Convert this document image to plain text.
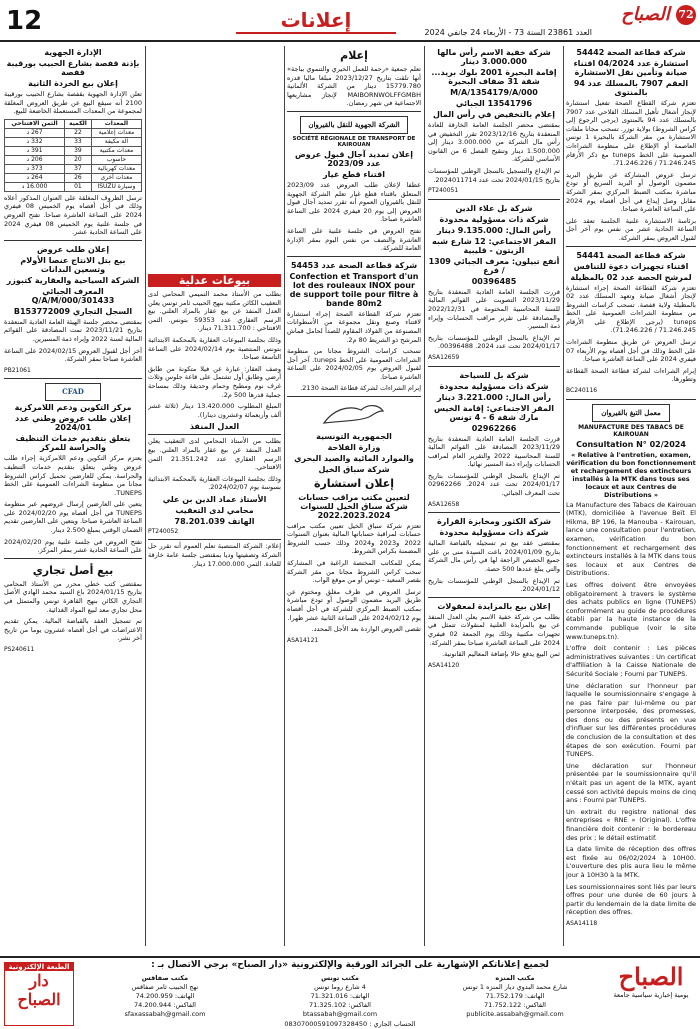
12	إعلانات
العدد 23861 السنة 73 - الأربعاء 24 جانفي 2024
الصباح 72
شركة قطاعة الصحة 54442
استشارة عدد 04/2024 اقتناء صيانة وتأمين نقل الاستشارة
العقم 7907 بالمسلك عدد 94 بالمنتوى

تعتزم شركة القطاع الصحة تفعيل استشارة لإنجاز أشغال تأهيل المسلك الفلاحي عدد 7907 بالمسلك عدد 94 بالمنتوى (يرجى الرجوع إلى كراس الشروط) بولاية توزر. تسحب مجانا ملفات الاستشارة من مقر الشركة بالبحيرة 1 تونس العاصمة أو الإطلاع على منظومة الشراءات العمومية على الخط tuneps مع ذكر الأرقام 71.246.245 / 71.246.226.

ترسل عروض المشاركة عن طريق البريد مضمون الوصول أو البريد السريع أو تودع مباشرة بمكتب الضبط المركزي بمقر الشركة مقابل وصل إيداع في أجل أقصاه يوم 2024 على الساعة العاشرة صباحا.

برئاسة الاستشارة علنية الجلسة تعقد على الساعة الحادية عشر من نفس يوم آخر أجل لقبول العروض بمقر الشركة.

شركة قطاعة الصحة 54441
اقتناء تجهيزات دعوة للتنافس
لمرشح الحصة عدد 02 بالمظيلة

تعتزم شركة القطاعة الصحة إجراء استشارة لإنجاز أشغال صيانة وتعهد المسلك عدد 02 بالمظيلة ولاية قفصة. تسحب كراسات الشروط من منظومة الشراءات العمومية على الخط tuneps (يرجى الإطلاع على الأرقام 71.246.245 / 71.246.226).

ترسل العروض عن طريق منظومة الشراءات على الخط وذلك في أجل أقصاه يوم الأربعاء 07 فيفري 2024 على الساعة العاشرة صباحا.

إبرام الشراءات لشركة قطاعة الصحة القطاعة وتطورها.

BC240116
معمل التبغ بالقيروان
MANUFACTURE DES TABACS DE KAIROUAN
Consultation N° 02/2024
« Relative à l'entretien, examen, vérification du bon fonctionnement et rechargement des extincteurs installés à la MTK dans tous ses locaux et aux Centres de Distributions »

La Manufacture des Tabacs de Kairouan (MTK), domiciliée à l'avenue Beït El Hikma, BP 196, la Manouba - Kairouan, lance une consultation pour l'entretien, examen, vérification du bon fonctionnement et rechargement des extincteurs installés à la MTK dans tous ses locaux et aux Centres de Distributions.

Les offres doivent être envoyées obligatoirement à travers le système des achats publics en ligne (TUNEPS) conformément au guide de procédures établi par la haute instance de la commande publique (voir le site www.tuneps.tn).

L'offre doit contenir : Les pièces administratives suivantes : Un certificat d'affiliation à la Caisse Nationale de Sécurité Sociale ; Fourni par TUNEPS.

Une déclaration sur l'honneur par laquelle le soumissionnaire s'engage à ne pas faire par lui-même ou par personne interposée, des promesses, des dons ou des présents en vue d'influer sur les différentes procédures de conclusion de la consultation et des étapes de son exécution. Fourni par TUNEPS.

Une déclaration sur l'honneur présentée par le soumissionnaire qu'il n'était pas un agent de la MTK, ayant cessé son activité depuis moins de cinq ans : Fourni par TUNEPS.

Un extrait du registre national des entreprises « RNE » (Original). L'offre financière doit contenir : le bordereau des prix ; le détail estimatif.

La date limite de réception des offres est fixée au 06/02/2024 à 10H00. L'ouverture des plis aura lieu le même jour à 10H30 à la MTK.

Les soumissionnaires sont liés par leurs offres pour une durée de 60 jours à partir du lendemain de la date limite de réception des offres.

ASA14118
شركة خفية الاسم رأس مالها 3.000.000 دينار
إقامة البحيرة 2001 بلوك بريد... شقة 31 ضفاف البحيرة
M/A/1354179/A/000
13541796 الجبائي
إعلام بالتخفيض في رأس المال

بمقتضى محضر الجلسة العامة الخارقة للعادة المنعقدة بتاريخ 2023/12/16 تقرر التخفيض في رأس مال الشركة من 3.000.000 دينار إلى 1.500.000 دينار وتنقيح الفصل 6 من القانون الأساسي للشركة.

تم الإيداع والتسجيل بالسجل الوطني للمؤسسات بتاريخ 2024/01/15 تحت عدد 2024011714.

PT240051
شركة بل علاء الدين
شركة ذات مسؤولية محدودة
رأس المال: 9.135.000 دينار
المقر الاجتماعي: 12 شارع شبه الزيتون - قليبية
أنفع تبيلون: معرف الجبائي 1309 / فرع
00396485

قررت الجلسة العامة العادية المنعقدة بتاريخ 2023/11/29 التصويت على القوائم المالية للسنة المحاسبية المختومة في 2022/12/31 والمصادقة على تقرير مراقب الحسابات وإبراء ذمة المسير.

تم الإيداع بالسجل الوطني للمؤسسات بتاريخ 2024/01/17 تحت عدد 2024. 00396488.

ASA12659
شركة بل للسياحة
شركة ذات مسؤولية محدودة
رأس المال: 3.221.000 دينار
المقر الاجتماعي: إقامة الخيس مارك شقة 6 - 4 تونس
02962266

قررت الجلسة العامة العادية المنعقدة بتاريخ 2023/11/29 المصادقة على القوائم المالية للسنة المحاسبية 2022 والتقرير العام لمراقب الحسابات وإبراء ذمة المسير نهائيا.

تم الإيداع بالسجل الوطني للمؤسسات بتاريخ 2024/01/17 تحت عدد 2024. 02962266 تحت المعرف الجبائي.

ASA12658
شركة الكثور ومخابزة القرارة
شركة ذات مسؤولية محدودة

بمقتضى عقد بيع تم تسجيله بالقباضة المالية بتاريخ 2024/01/09 باعت السيدة منى بن علي جميع الحصص الراجعة لها في رأس مال الشركة والتي يبلغ عددها 500 حصة.

تم الإيداع بالسجل الوطني للمؤسسات بتاريخ 2024/01/12.

إعلان بيع بالمزايدة لمعقولات

بطلب من شركة خفية الاسم يعلن العدل المنفذ عن بيع بالمزايدة العلنية لمنقولات تتمثل في تجهيزات مكتبية وذلك يوم الجمعة 02 فيفري 2024 على الساعة العاشرة صباحا بمقر الشركة.

ثمن البيع يدفع حالا بإضافة المعاليم القانونية.

ASA14120
إعلام

تعلم جمعية «رحمة للعمل الخيري والتنموي بباجة» أنها تلقت بتاريخ 2023/12/27 مبلغا ماليا قدره 15779.780 دينار من الشركة الألمانية MAIBORNWOLFFGMBH لإنجاز مشاريعها الاجتماعية في شهر رمضان.

الشركة الجهوية للنقل بالقيروان
SOCIÉTÉ RÉGIONALE DE TRANSPORT DE KAIROUAN
إعلان تمديد آجال قبول عروض عدد 2023/09
اقتناء قطع غيار

عطفا لإعلان طلب العروض عدد 2023/09 المتعلق باقتناء قطع غيار تعلم الشركة الجهوية للنقل بالقيروان العموم أنه تقرر تمديد آجال قبول العروض إلى يوم 20 فيفري 2024 على الساعة العاشرة صباحا.

تفتح العروض في جلسة علنية على الساعة العاشرة والنصف من نفس اليوم بمقر الإدارة العامة للشركة.

شركة قطاعة الصحة عدد 54453
Confection et Transport d'un lot des rouleaux INOX pour de support toile pour filtre à bande 80m2

تعتزم شركة القطاعة الصحة إجراء استشارة لاقتناء وصنع ونقل مجموعة من الأسطوانات المصنوعة من الفولاذ المقاوم للصدأ لحامل قماش المرشح ذو الشريط 80 م2.

تسحب كراسات الشروط مجانا من منظومة الشراءات العمومية على الخط tuneps. آخر أجل لقبول العروض يوم 2024/02/05 على الساعة العاشرة صباحا.

إبرام الشراءات لشركة قطاعة الصحة 2130.

الجمهورية التونسية
وزارة الفلاحة
والموارد المائية والصيد البحري
شركة سباق الخيل
إعلان استشارة
لتعيين مكتب مراقب حسابات شركة سباق الخيل للسنوات 2022.2023.2024

تعتزم شركة سباق الخيل تعيين مكتب مراقب حسابات لمراقبة حساباتها المالية بعنوان السنوات 2022 و2023 و2024 وذلك حسب الشروط المضمنة بكراس الشروط.

يمكن للمكاتب المختصة الراغبة في المشاركة سحب كراس الشروط مجانا من مقر الشركة بقصر السعيد - تونس أو من موقع الواب.

ترسل العروض في ظرف مغلق ومختوم عن طريق البريد مضمون الوصول أو تودع مباشرة بمكتب الضبط المركزي للشركة في أجل أقصاه يوم 2024/02/12 على الساعة الثانية عشر ظهرا.

تقصى العروض الواردة بعد الأجل المحدد.

ASA14121
بيوعات عدلية

بطلب من الأستاذ محمد التميمي المحامي لدى التعقيب الكائن مكتبه بنهج الحبيب ثامر تونس يعلن العدل المنفذ عن بيع عقار بالمزاد العلني. بيع الرسم العقاري عدد 59353 بتونس. الثمن الافتتاحي : 71.311.700 دينار.

وذلك بجلسة البيوعات العقارية بالمحكمة الابتدائية بتونس المنتصبة يوم 2024/02/14 على الساعة التاسعة صباحا.

وصف العقار: عبارة عن فيلا متكونة من طابق أرضي وطابق أول تشتمل على قاعة جلوس وثلاث غرف نوم ومطبخ وحمام وحديقة وذلك بمساحة جملية قدرها 500 م2.

المبلغ المطلوب 13.420.000 دينار (ثلاثة عشر ألف وأربعمائة وعشرون دينارا).

العدل المنفذ

بطلب من الأستاذ المحامي لدى التعقيب يعلن العدل المنفذ عن بيع عقار بالمزاد العلني. بيع الرسم العقاري عدد 21.351.242 الثمن الافتتاحي.

وذلك بجلسة البيوعات العقارية بالمحكمة الابتدائية بسوسة يوم 2024/02/07.

الأستاذ عماد الدين بن علي
محامي لدى التعقيب
الهاتف 78.201.039
PT240052

إعلام: الشركة المنتصبة تعلم العموم أنه تقرر حل الشركة وتصفيتها وديا بمقتضى جلسة عامة خارقة للعادة. الثمن 17.000.000 دينار.

الإدارة الجهوية
بإذنة قفصة بشارع الحبيب بورقيبة قفصة
إعلان بيع الخردة الثانية

تعلن الإدارة الجهوية بقفصة بشارع الحبيب بورقيبة 2100 أنه سيقع البيع عن طريق العروض المغلقة لمجموعة من المعدات المستعملة الخاضعة للبيع.

المعدات	الكمية	الثمن الافتتاحي
معدات إعلامية	22	267 د
آلة مكيفة	33	332 د
معدات مكتبية	39	391 د
حاسوب	20	206 د
معدات كهربائية	37	373 د
معدات أخرى	26	264 د
وسيارة ISUZU	01	16.000 د

ترسل الظروف المغلقة على العنوان المذكور أعلاه وذلك في أجل أقصاه يوم الخميس 08 فيفري 2024 على الساعة العاشرة صباحا. تفتح العروض في جلسة علنية يوم الخميس 08 فيفري 2024 على الساعة الحادية عشر.

إعلان طلب عروض
بيع بتل الانتاج عنصا الأولام وتسعين البدانات
الشركة السياحية والعقارية كتبوزر
المعرف الجبائي 301433/Q/A/M/000
السجل التجاري B153772009

بمقتضى محضر جلسة الهيئة العامة العادية المنعقدة بتاريخ 2023/11/21 تمت المصادقة على القوائم المالية لسنة 2022 وإبراء ذمة المسيرين.

آخر أجل لقبول العروض 2024/02/15 على الساعة العاشرة صباحا بمقر الشركة.

PB21061
CFAD
مركز التكوين ودعم اللامركزية
إعلان طلب عروض وطني عدد 2024/01
يتعلق بتقديم خدمات التنظيف والحراسة للمركز

يعتزم مركز التكوين ودعم اللامركزية إجراء طلب عروض وطني يتعلق بتقديم خدمات التنظيف والحراسة. يمكن للعارضين تحميل كراس الشروط مجانا من منظومة الشراءات العمومية على الخط TUNEPS.

يتعين على العارضين إرسال عروضهم عبر منظومة TUNEPS في أجل أقصاه يوم 2024/02/20 على الساعة العاشرة صباحا. ويتعين على العارضين تقديم الضمان الوقتي بمبلغ 2.500 دينار.

تفتح العروض في جلسة علنية يوم 2024/02/20 على الساعة الحادية عشر بمقر المركز.

بيع أصل تجاري

بمقتضى كتب خطي محرر من الأستاذ المحامي بتاريخ 2024/01/15 باع السيد محمد الهادي الأصل التجاري الكائن بنهج القاهرة تونس والمتمثل في محل تجاري معد لبيع المواد الغذائية.

تم تسجيل العقد بالقباضة المالية. يمكن تقديم الاعتراضات في أجل أقصاه عشرون يوما من تاريخ آخر نشر.

PS240611
لجميع إعلاناتكم الإشهارية على الجرائد الورقية والإلكترونية «دار الصباح» برجي الاتصال بـ :
مكتب المنزه
شارع محمد البدوي ديار المنزه 1 تونس
الهاتف: 71.752.179
الفاكس: 71.752.122
publicite.assabah@gmail.com
مكتب تونس
4 شارع روما تونس
الهاتف: 71.321.016
الفاكس: 71.325.102
btassabah@gmail.com
مكتب صفاقس
نهج الحبيب ثامر صفاقس
الهاتف: 74.200.959
الفاكس: 74.200.944
sfaxassabah@gmail.com
الصباح
يومية إخبارية سياسية جامعة
الطبعة الإلكترونية
دار الصباح
الحساب الجاري : 08307000591097328450
